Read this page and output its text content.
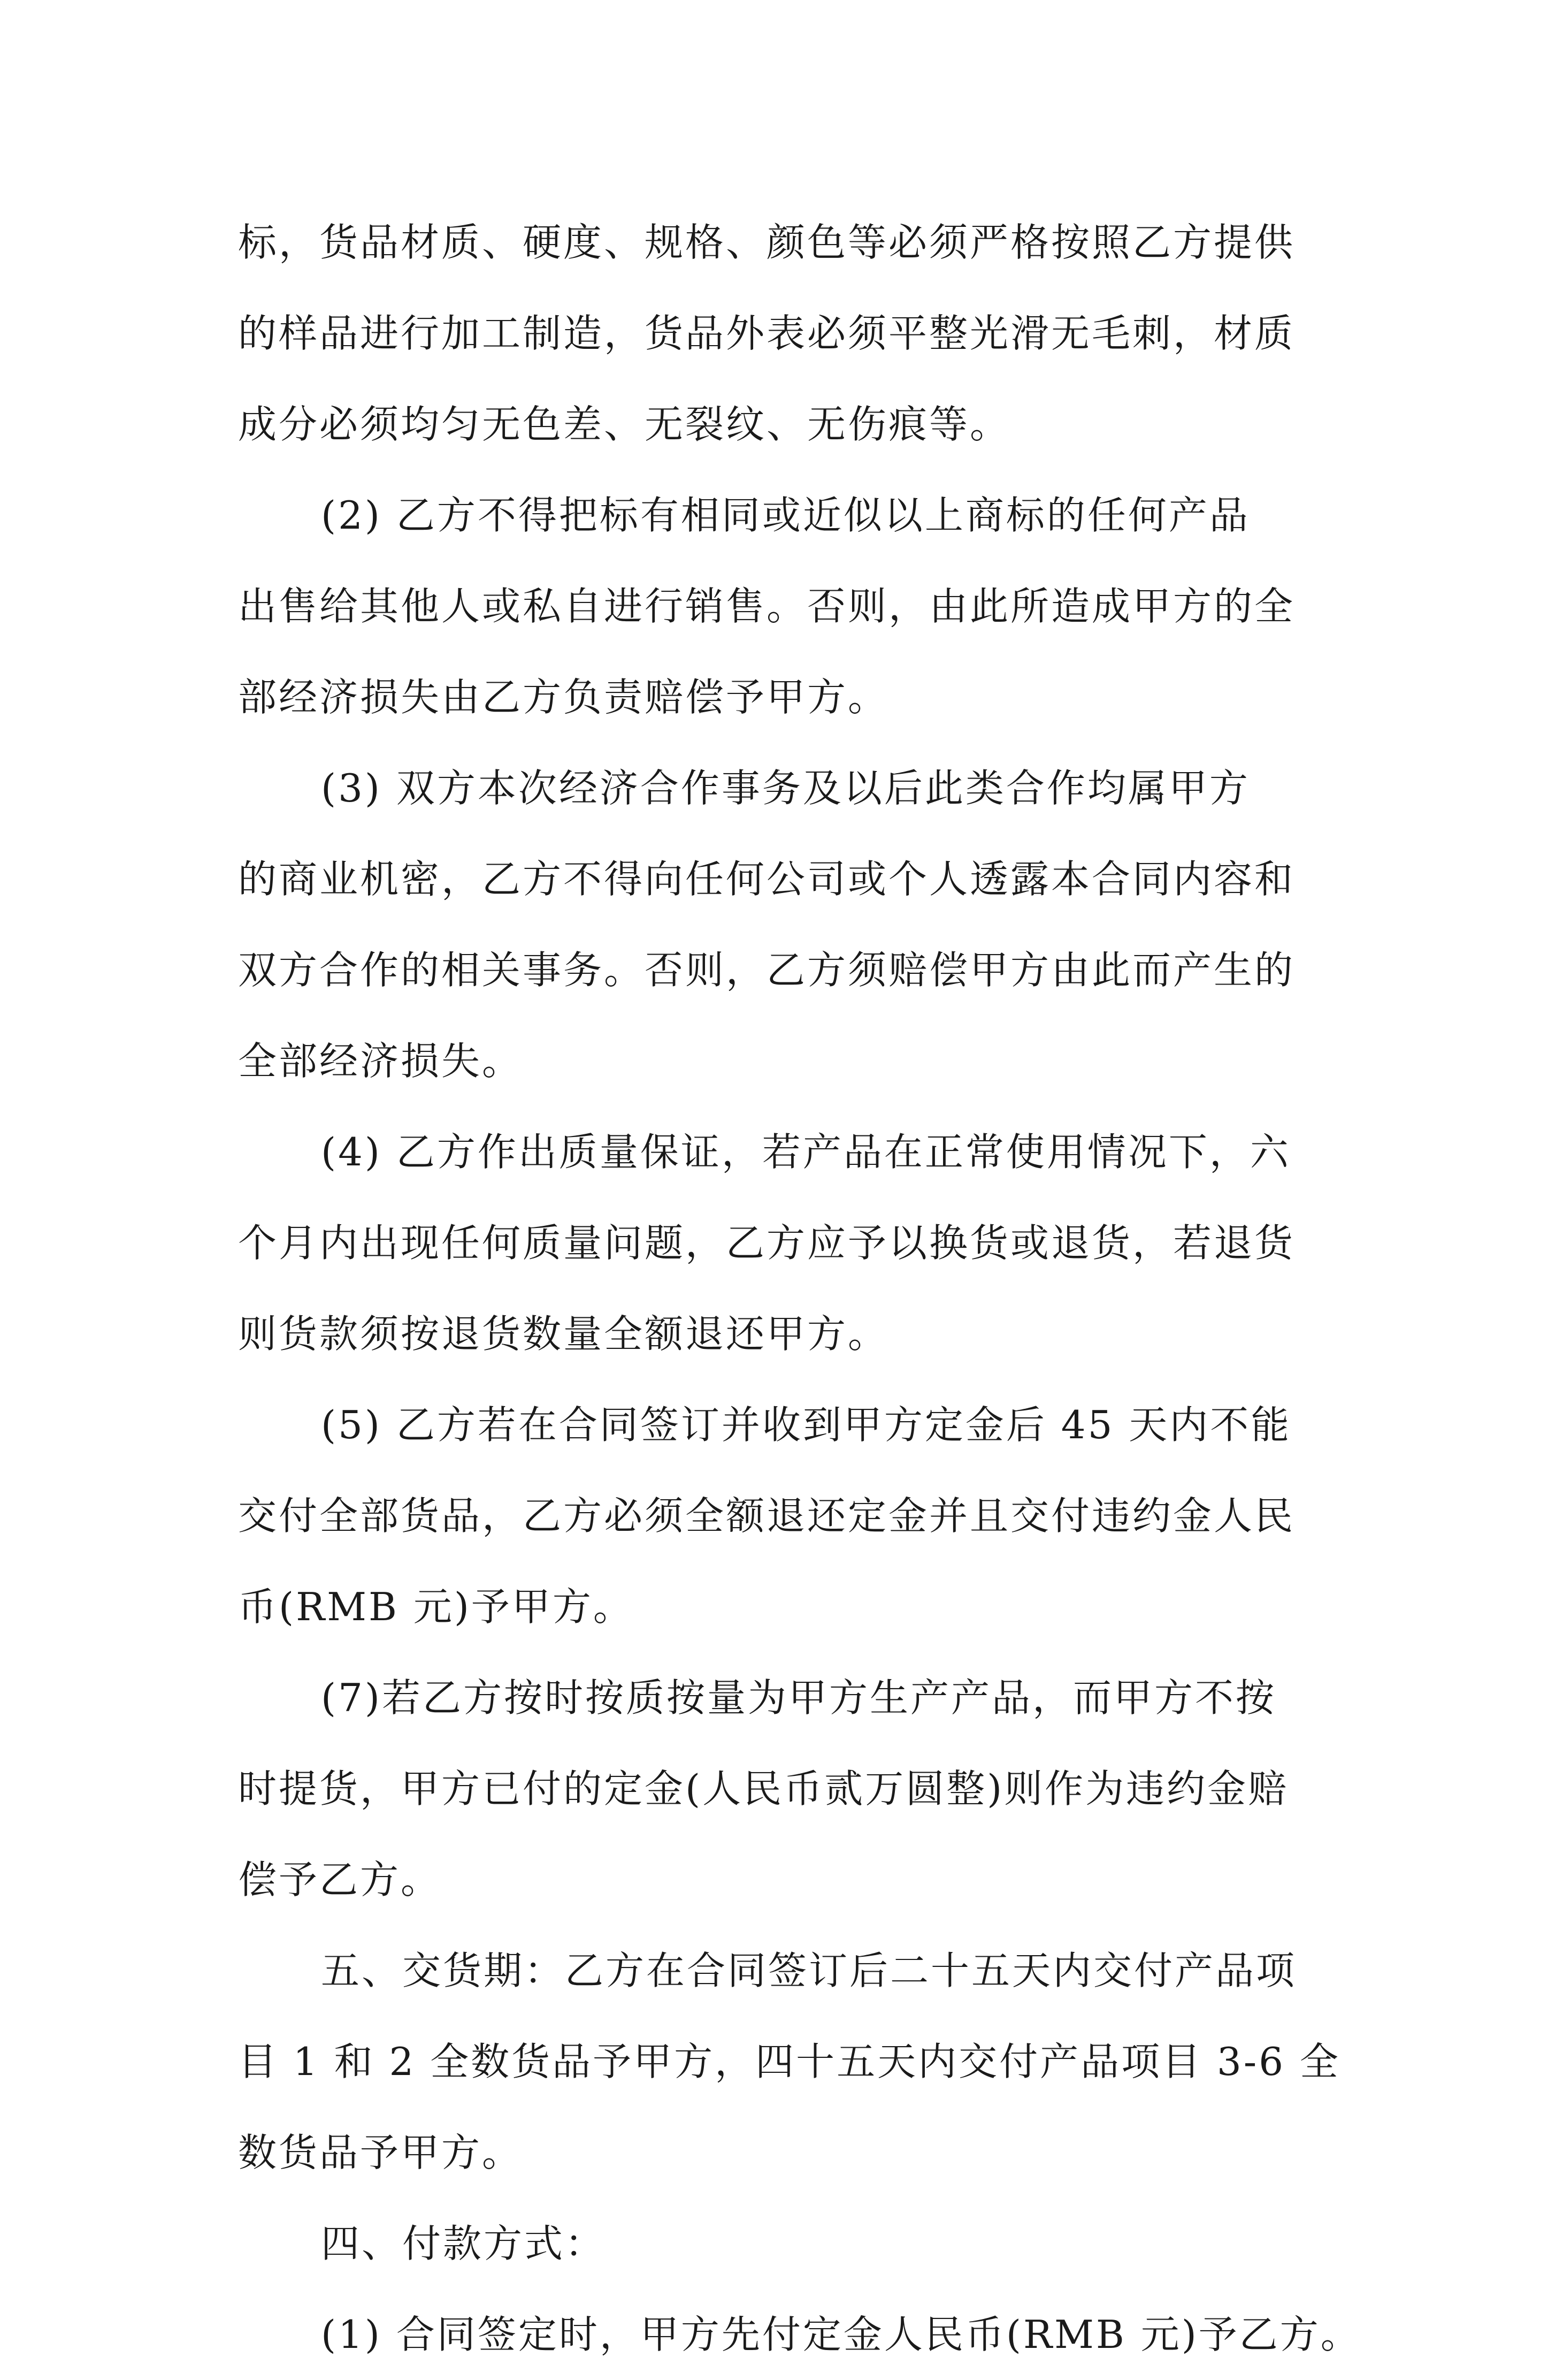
标，货品材质、硬度、规格、颜色等必须严格按照乙方提供
的样品进行加工制造，货品外表必须平整光滑无毛刺，材质
成分必须均匀无色差、无裂纹、无伤痕等。
(2) 乙方不得把标有相同或近似以上商标的任何产品
出售给其他人或私自进行销售。否则，由此所造成甲方的全
部经济损失由乙方负责赔偿予甲方。
(3) 双方本次经济合作事务及以后此类合作均属甲方
的商业机密，乙方不得向任何公司或个人透露本合同内容和
双方合作的相关事务。否则，乙方须赔偿甲方由此而产生的
全部经济损失。
(4) 乙方作出质量保证，若产品在正常使用情况下，六
个月内出现任何质量问题，乙方应予以换货或退货，若退货
则货款须按退货数量全额退还甲方。
(5) 乙方若在合同签订并收到甲方定金后 45 天内不能
交付全部货品，乙方必须全额退还定金并且交付违约金人民
币(RMB 元)予甲方。
(7)若乙方按时按质按量为甲方生产产品，而甲方不按
时提货，甲方已付的定金(人民币贰万圆整)则作为违约金赔
偿予乙方。
五、交货期：乙方在合同签订后二十五天内交付产品项
目 1 和 2 全数货品予甲方，四十五天内交付产品项目 3-6 全
数货品予甲方。
四、付款方式：
(1) 合同签定时，甲方先付定金人民币(RMB 元)予乙方。
